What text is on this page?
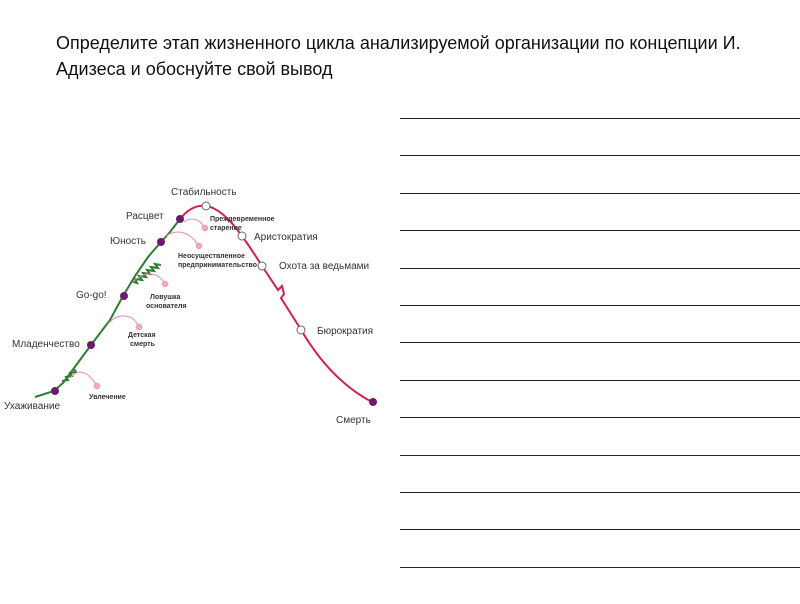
Определите этап жизненного цикла анализируемой организации по концепции И. Адизеса и обоснуйте свой вывод
Ухаживание
Младенчество
Go-go!
Юность
Расцвет
Стабильность
Аристократия
Охота за ведьмами
Бюрократия
Смерть
Увлечение
Детская смерть
Ловушка основателя
Неосуществленное предпринимательство
Преждевременное старение
